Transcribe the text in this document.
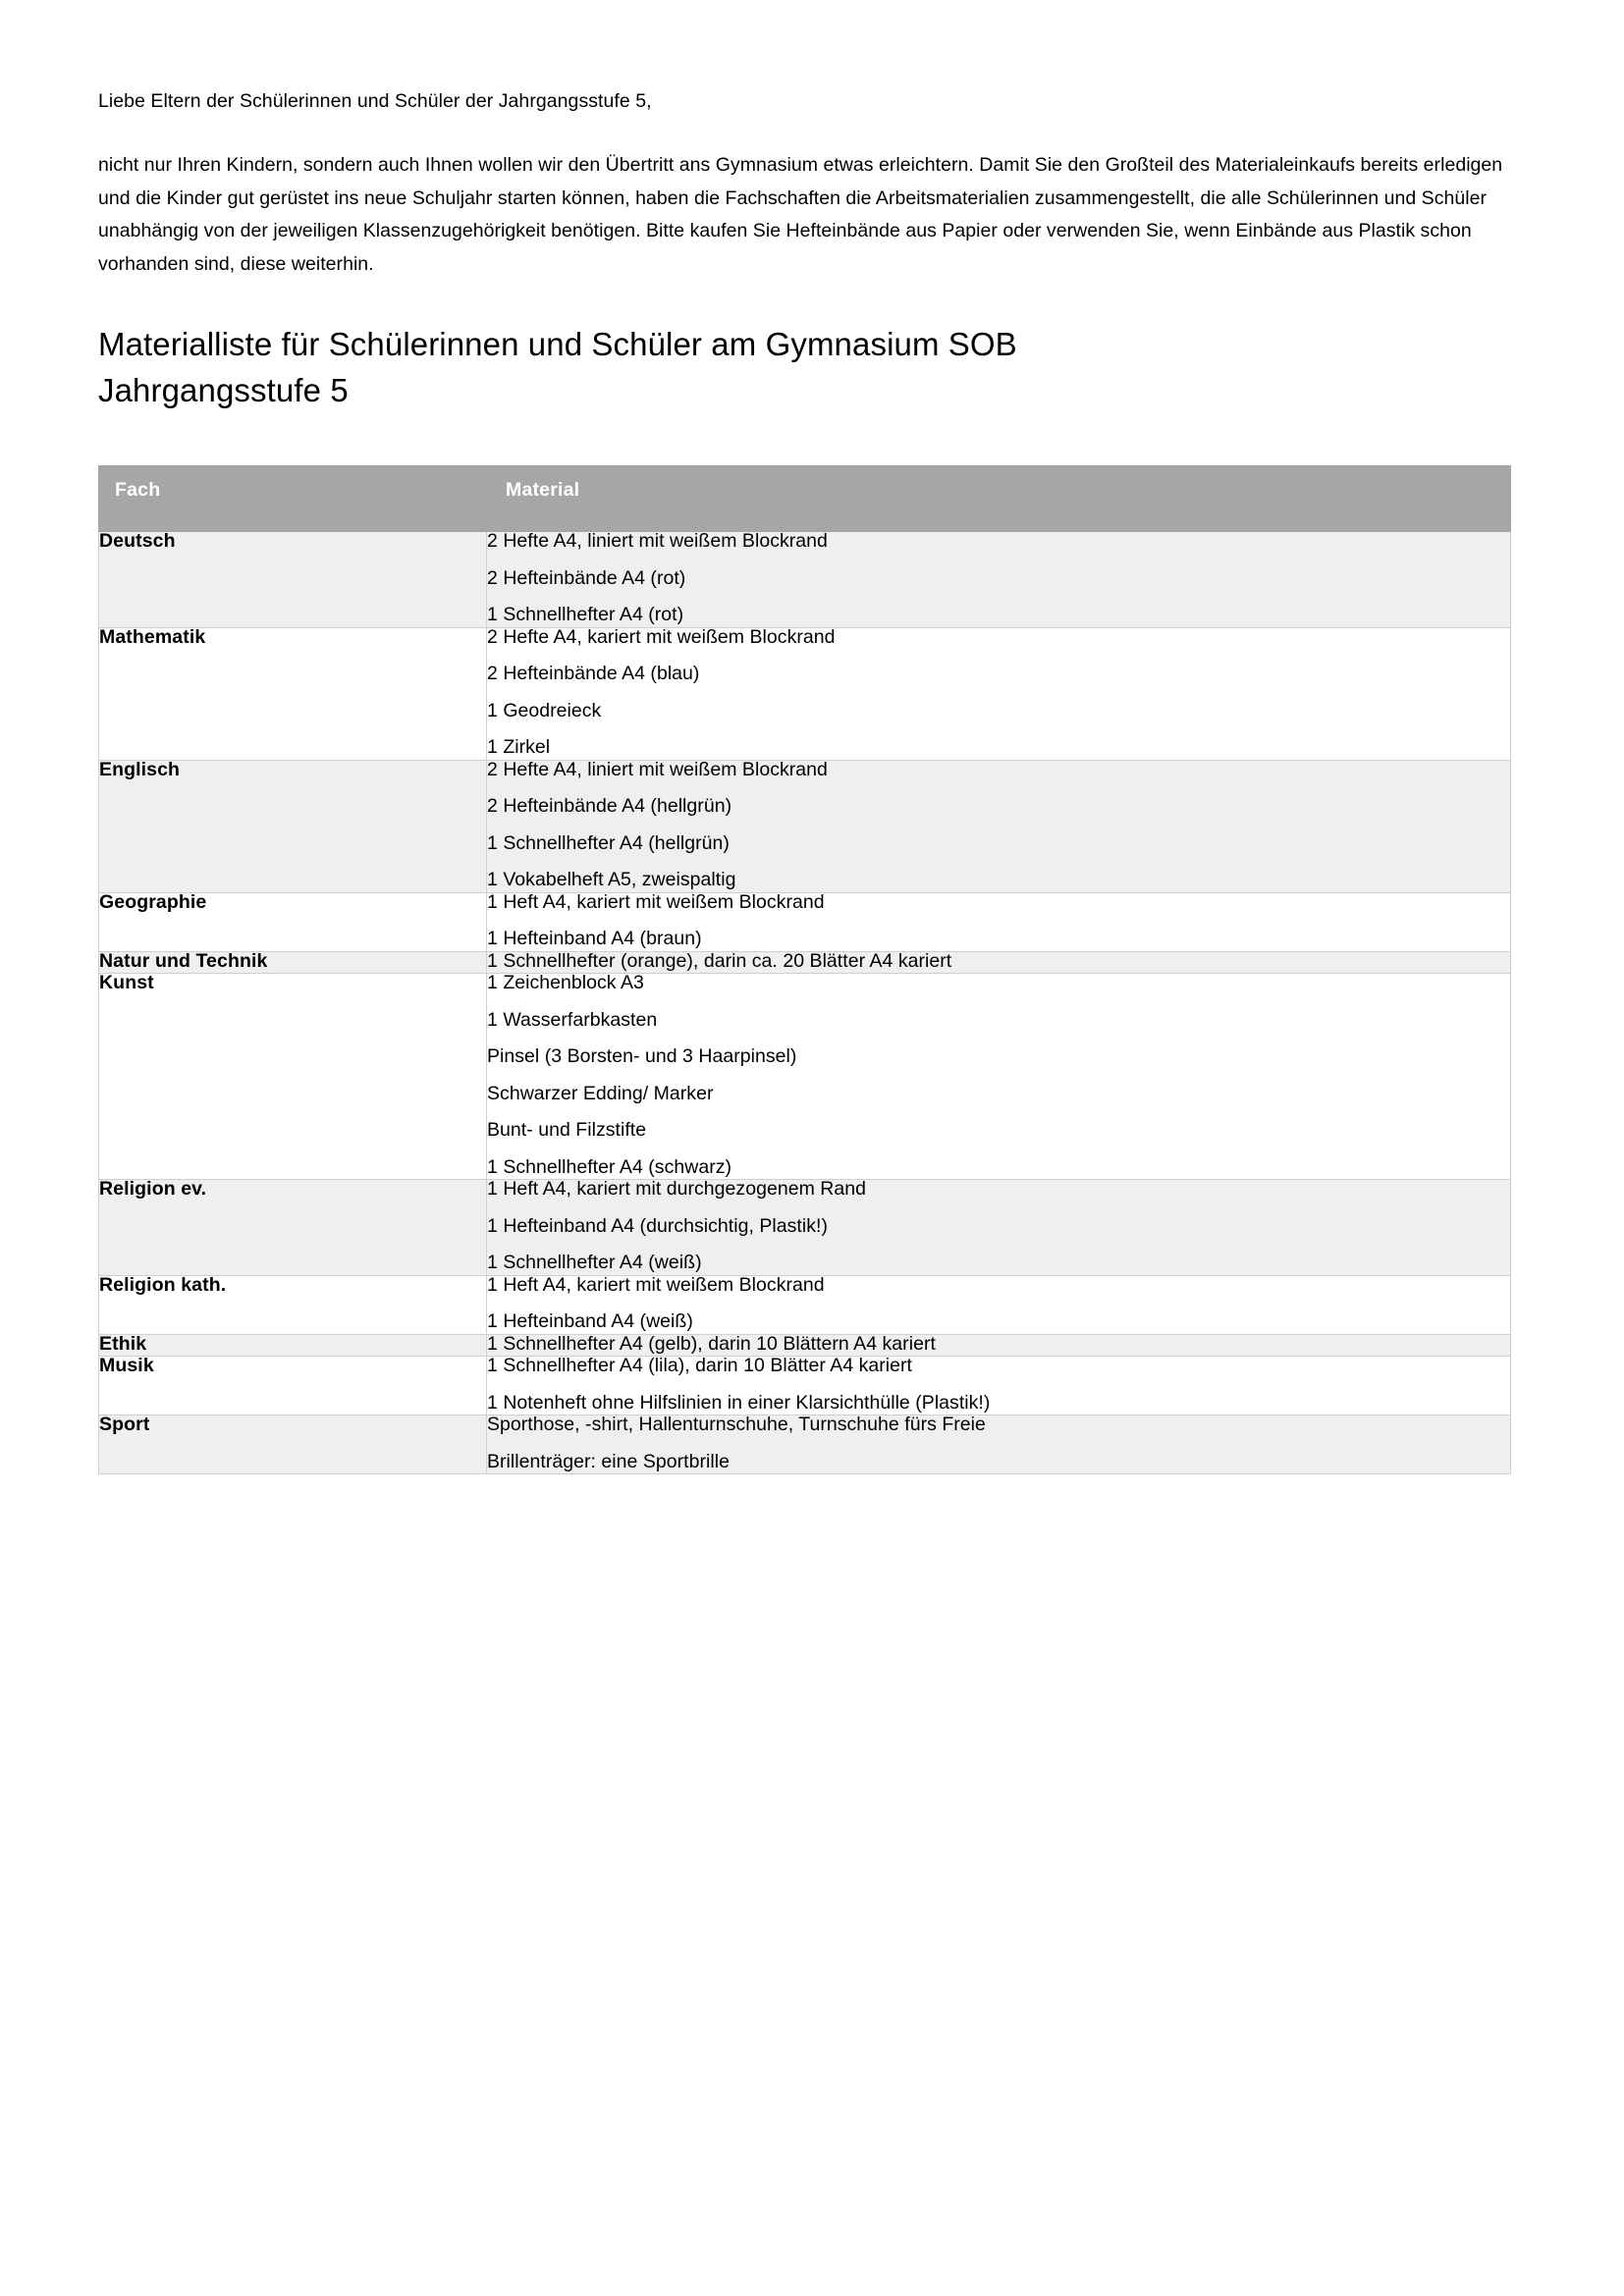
Liebe Eltern der Schülerinnen und Schüler der Jahrgangsstufe 5,

nicht nur Ihren Kindern, sondern auch Ihnen wollen wir den Übertritt ans Gymnasium etwas erleichtern. Damit Sie den Großteil des Materialeinkaufs bereits erledigen und die Kinder gut gerüstet ins neue Schuljahr starten können, haben die Fachschaften die Arbeitsmaterialien zusammengestellt, die alle Schülerinnen und Schüler unabhängig von der jeweiligen Klassenzugehörigkeit benötigen. Bitte kaufen Sie Hefteinbände aus Papier oder verwenden Sie, wenn Einbände aus Plastik schon vorhanden sind, diese weiterhin.

Materialliste für Schülerinnen und Schüler am Gymnasium SOB
Jahrgangsstufe 5
Fach	Material

Deutsch	2 Hefte A4, liniert mit weißem Blockrand
2 Hefteinbände A4 (rot)
1 Schnellhefter A4 (rot)

Mathematik	2 Hefte A4, kariert mit weißem Blockrand
2 Hefteinbände A4 (blau)
1 Geodreieck
1 Zirkel

Englisch	2 Hefte A4, liniert mit weißem Blockrand
2 Hefteinbände A4 (hellgrün)
1 Schnellhefter A4 (hellgrün)
1 Vokabelheft A5, zweispaltig

Geographie	1 Heft A4, kariert mit weißem Blockrand
1 Hefteinband A4 (braun)

Natur und Technik	1 Schnellhefter (orange), darin ca. 20 Blätter A4 kariert

Kunst	1 Zeichenblock A3
1 Wasserfarbkasten
Pinsel (3 Borsten- und 3 Haarpinsel)
Schwarzer Edding/ Marker
Bunt- und Filzstifte
1 Schnellhefter A4 (schwarz)

Religion ev.	1 Heft A4, kariert mit durchgezogenem Rand
1 Hefteinband A4 (durchsichtig, Plastik!)
1 Schnellhefter A4 (weiß)

Religion kath.	1 Heft A4, kariert mit weißem Blockrand
1 Hefteinband A4 (weiß)

Ethik	1 Schnellhefter A4 (gelb), darin 10 Blättern A4 kariert

Musik	1 Schnellhefter A4 (lila), darin 10 Blätter A4 kariert
1 Notenheft ohne Hilfslinien in einer Klarsichthülle (Plastik!)

Sport	Sporthose, -shirt, Hallenturnschuhe, Turnschuhe fürs Freie
Brillenträger: eine Sportbrille
